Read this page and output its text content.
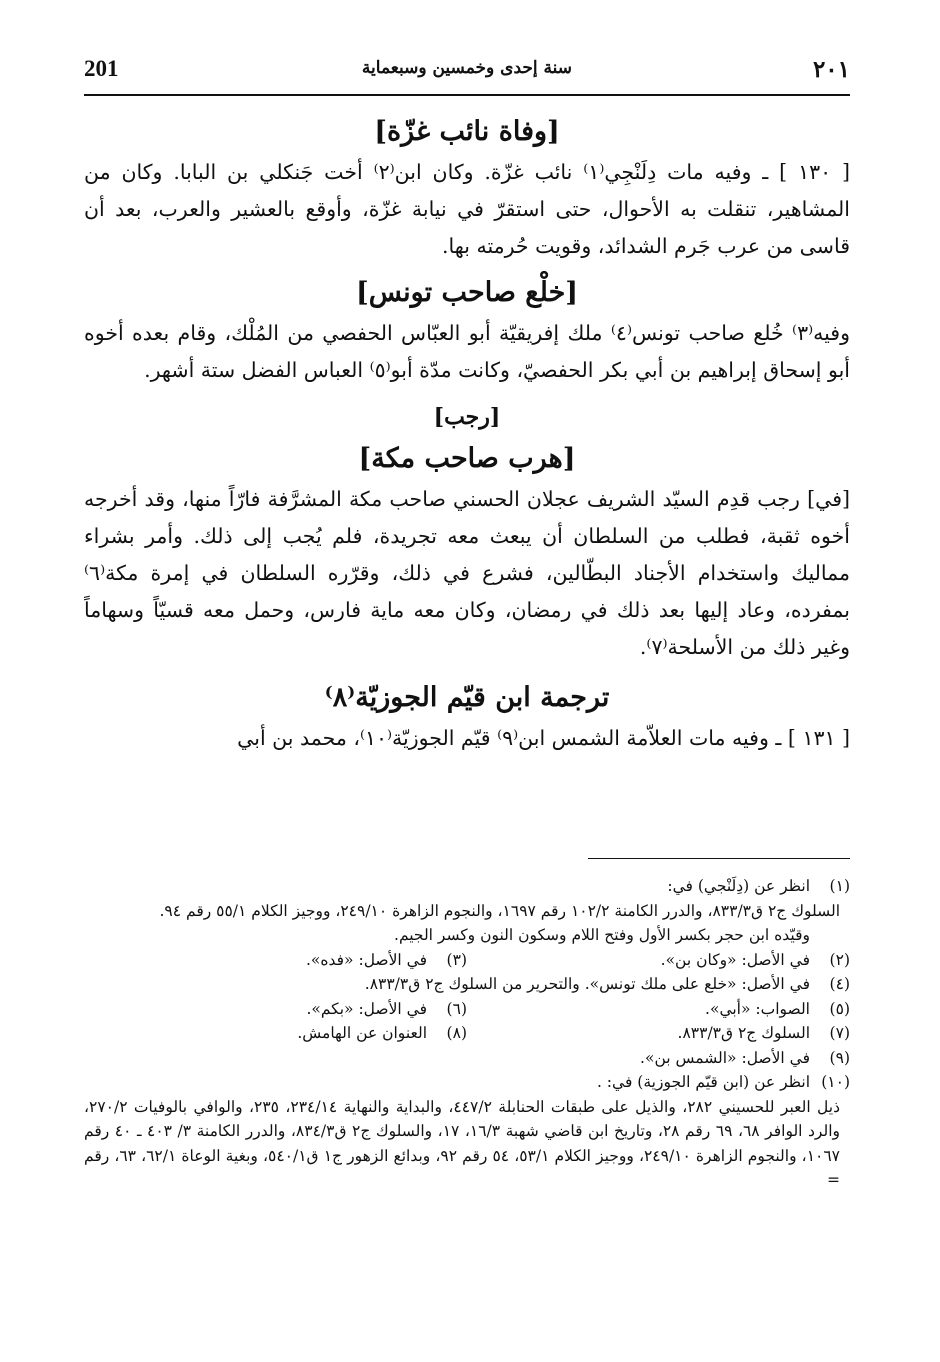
٢٠١
سنة إحدى وخمسين وسبعماية
201
[وفاة نائب غزّة]

[ ١٣٠ ] ـ وفيه مات دِلَنْجِي⁽١⁾ نائب غزّة. وكان ابن⁽٢⁾ أخت جَنكلي بن البابا. وكان من المشاهير، تنقلت به الأحوال، حتى استقرّ في نيابة غزّة، وأوقع بالعشير والعرب، بعد أن قاسى من عرب جَرم الشدائد، وقويت حُرمته بها.

[خلْع صاحب تونس]

وفيه⁽٣⁾ خُلع صاحب تونس⁽٤⁾ ملك إفريقيّة أبو العبّاس الحفصي من المُلْك، وقام بعده أخوه أبو إسحاق إبراهيم بن أبي بكر الحفصيّ، وكانت مدّة أبو⁽٥⁾ العباس الفضل ستة أشهر.

[رجب]
[هرب صاحب مكة]

[في] رجب قدِم السيّد الشريف عجلان الحسني صاحب مكة المشرَّفة فارّاً منها، وقد أخرجه أخوه ثقبة، فطلب من السلطان أن يبعث معه تجريدة، فلم يُجب إلى ذلك. وأمر بشراء مماليك واستخدام الأجناد البطّالين، فشرع في ذلك، وقرّره السلطان في إمرة مكة⁽٦⁾ بمفرده، وعاد إليها بعد ذلك في رمضان، وكان معه ماية فارس، وحمل معه قسيّاً وسهاماً وغير ذلك من الأسلحة⁽٧⁾.

ترجمة ابن قيّم الجوزيّة⁽٨⁾

[ ١٣١ ] ـ وفيه مات العلاّمة الشمس ابن⁽٩⁾ قيّم الجوزيّة⁽١٠⁾، محمد بن أبي

(١)
انظر عن (دِلَنْجي) في:
السلوك ج٢ ق٨٣٣/٣، والدرر الكامنة ١٠٢/٢ رقم ١٦٩٧، والنجوم الزاهرة ٢٤٩/١٠، ووجيز الكلام ٥٥/١ رقم ٩٤.
وقيّده ابن حجر بكسر الأول وفتح اللام وسكون النون وكسر الجيم.
(٢)
في الأصل: «وكان بن».
(٣)
في الأصل: «فده».
(٤)
في الأصل: «خلع على ملك تونس». والتحرير من السلوك ج٢ ق٨٣٣/٣.
(٥)
الصواب: «أبي».
(٦)
في الأصل: «بكم».
(٧)
السلوك ج٢ ق٨٣٣/٣.
(٨)
العنوان عن الهامش.
(٩)
في الأصل: «الشمس بن».
(١٠)
انظر عن (ابن قيّم الجوزية) في: .
ذيل العبر للحسيني ٢٨٢، والذيل على طبقات الحنابلة ٤٤٧/٢، والبداية والنهاية ٢٣٤/١٤، ٢٣٥، والوافي بالوفيات ٢٧٠/٢، والرد الوافر ٦٨، ٦٩ رقم ٢٨، وتاريخ ابن قاضي شهبة ١٦/٣، ١٧، والسلوك ج٢ ق٨٣٤/٣، والدرر الكامنة ٣/ ٤٠٣ ـ ٤٠ رقم ١٠٦٧، والنجوم الزاهرة ٢٤٩/١٠، ووجيز الكلام ٥٣/١، ٥٤ رقم ٩٢، وبدائع الزهور ج١ ق٥٤٠/١، وبغية الوعاة ٦٢/١، ٦٣، رقم =
